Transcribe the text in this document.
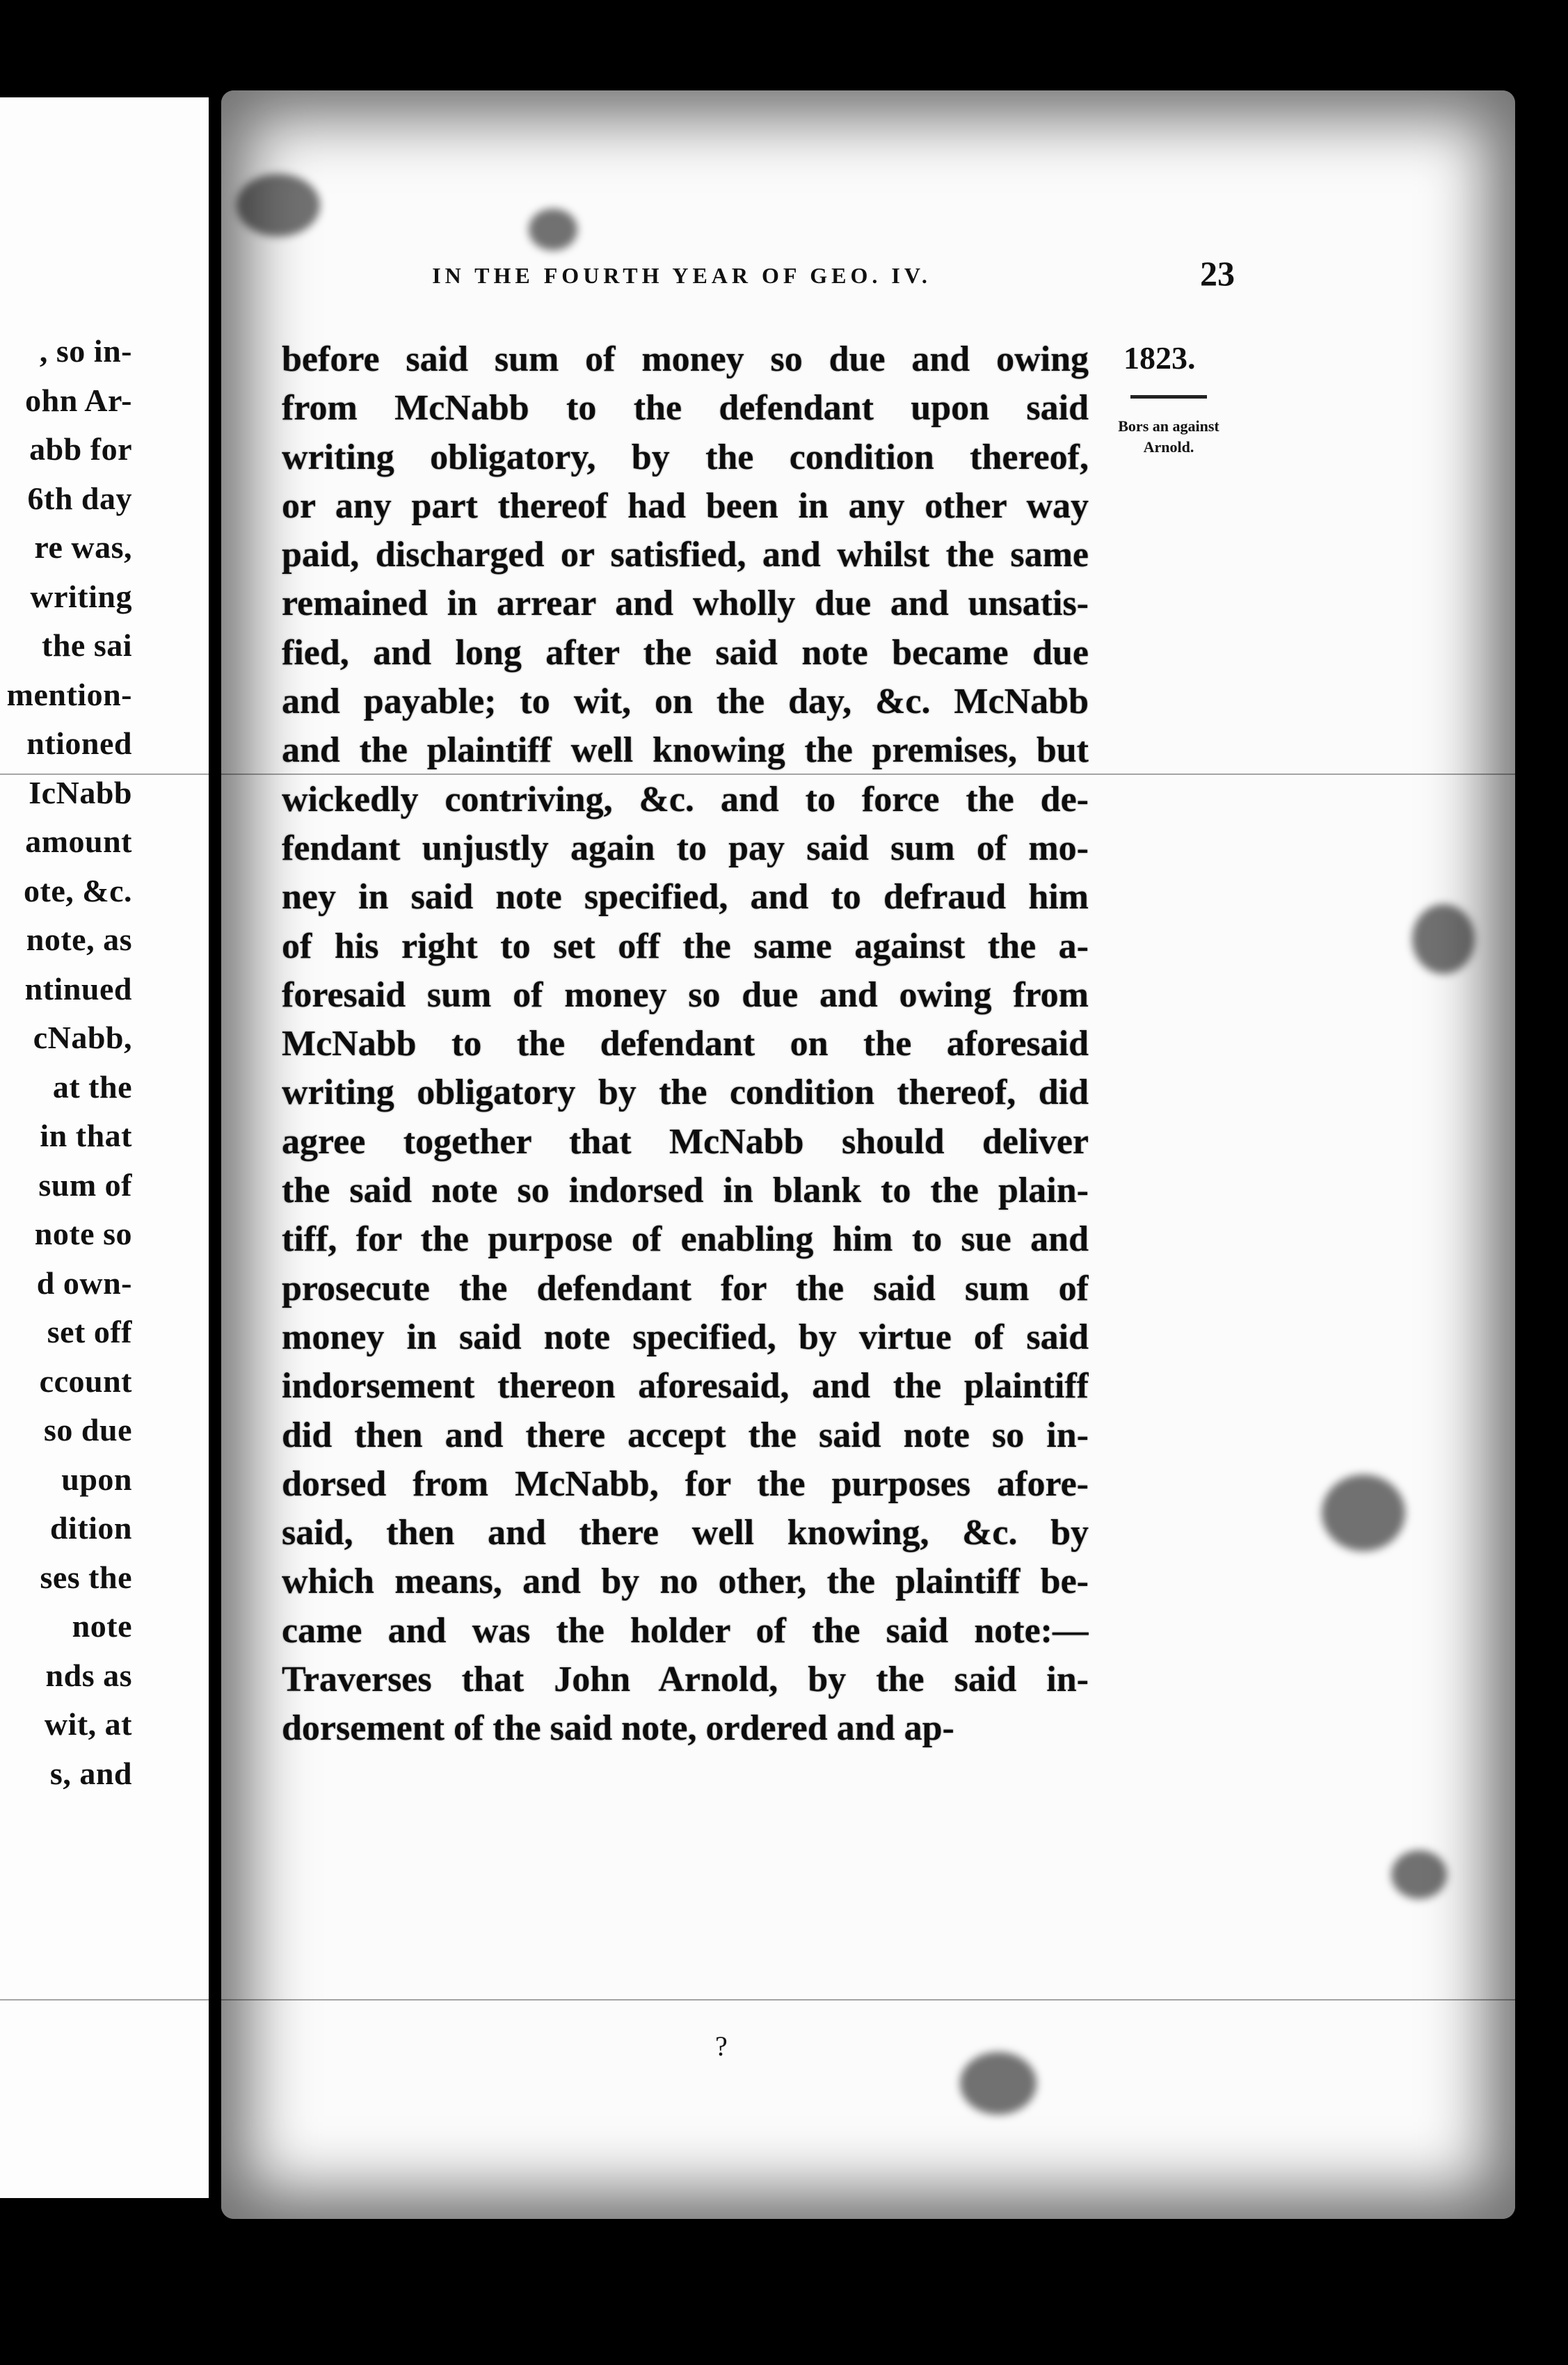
, so in-
ohn Ar-
abb for
6th day
re was,
writing
the sai
mention-
ntioned
IcNabb
amount
ote, &c.
note, as
ntinued
cNabb,
at the
in that
sum of
note so
d own-
set off
ccount
so due
upon
dition
ses the
note
nds as
wit, at
s, and
IN THE FOURTH YEAR OF GEO. IV.	23
1823.
Bors an against Arnold.
before said sum of money so due and owing
from McNabb to the defendant upon said
writing obligatory, by the condition thereof,
or any part thereof had been in any other way
paid, discharged or satisfied, and whilst the same
remained in arrear and wholly due and unsatis-
fied, and long after the said note became due
and payable; to wit, on the day, &c. McNabb
and the plaintiff well knowing the premises, but
wickedly contriving, &c. and to force the de-
fendant unjustly again to pay said sum of mo-
ney in said note specified, and to defraud him
of his right to set off the same against the a-
foresaid sum of money so due and owing from
McNabb to the defendant on the aforesaid
writing obligatory by the condition thereof, did
agree together that McNabb should deliver
the said note so indorsed in blank to the plain-
tiff, for the purpose of enabling him to sue and
prosecute the defendant for the said sum of
money in said note specified, by virtue of said
indorsement thereon aforesaid, and the plaintiff
did then and there accept the said note so in-
dorsed from McNabb, for the purposes afore-
said, then and there well knowing, &c. by
which means, and by no other, the plaintiff be-
came and was the holder of the said note:—
Traverses that John Arnold, by the said in-
dorsement of the said note, ordered and ap-
?
